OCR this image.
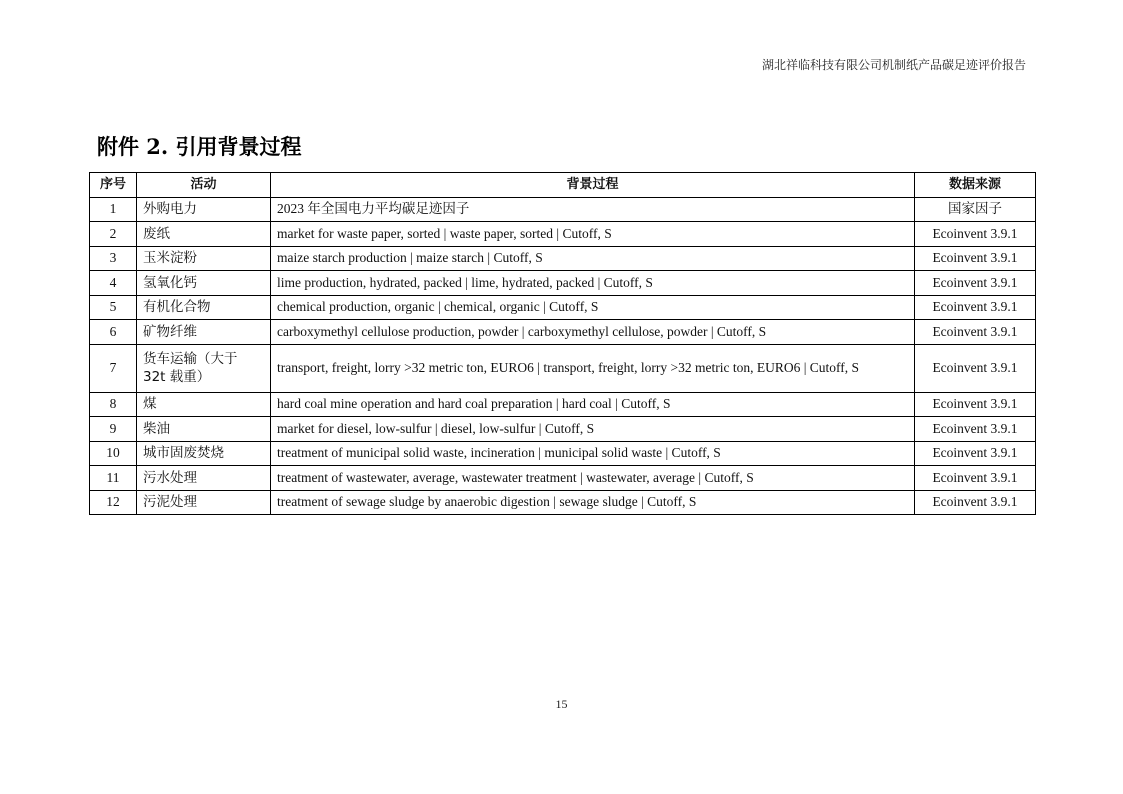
湖北祥临科技有限公司机制纸产品碳足迹评价报告
附件 2. 引用背景过程
序号	活动	背景过程	数据来源
1	外购电力	2023 年全国电力平均碳足迹因子	国家因子
2	废纸	market for waste paper, sorted | waste paper, sorted | Cutoff, S	Ecoinvent 3.9.1
3	玉米淀粉	maize starch production | maize starch | Cutoff, S	Ecoinvent 3.9.1
4	氢氧化钙	lime production, hydrated, packed | lime, hydrated, packed | Cutoff, S	Ecoinvent 3.9.1
5	有机化合物	chemical production, organic | chemical, organic | Cutoff, S	Ecoinvent 3.9.1
6	矿物纤维	carboxymethyl cellulose production, powder | carboxymethyl cellulose, powder | Cutoff, S	Ecoinvent 3.9.1
7	货车运输（大于 32t 载重）	transport, freight, lorry >32 metric ton, EURO6 | transport, freight, lorry >32 metric ton, EURO6 | Cutoff, S	Ecoinvent 3.9.1
8	煤	hard coal mine operation and hard coal preparation | hard coal | Cutoff, S	Ecoinvent 3.9.1
9	柴油	market for diesel, low-sulfur | diesel, low-sulfur | Cutoff, S	Ecoinvent 3.9.1
10	城市固废焚烧	treatment of municipal solid waste, incineration | municipal solid waste | Cutoff, S	Ecoinvent 3.9.1
11	污水处理	treatment of wastewater, average, wastewater treatment | wastewater, average | Cutoff, S	Ecoinvent 3.9.1
12	污泥处理	treatment of sewage sludge by anaerobic digestion | sewage sludge | Cutoff, S	Ecoinvent 3.9.1
15
